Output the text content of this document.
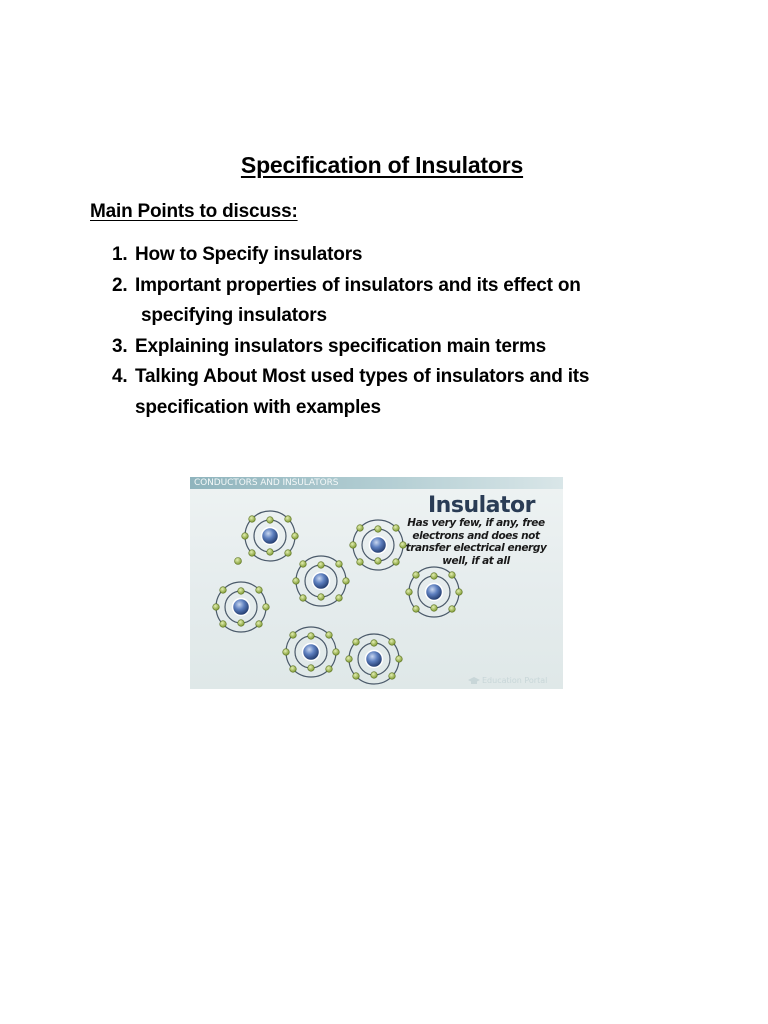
Specification of Insulators
Main Points to discuss:
1. How to Specify insulators
2. Important properties of insulators and its effect on
specifying insulators
3. Explaining insulators specification main terms
4. Talking About Most used types of insulators and its
specification with examples
CONDUCTORS AND INSULATORS
Insulator
Has very few, if any, free electrons and does not transfer electrical energy well, if at all
Education Portal
